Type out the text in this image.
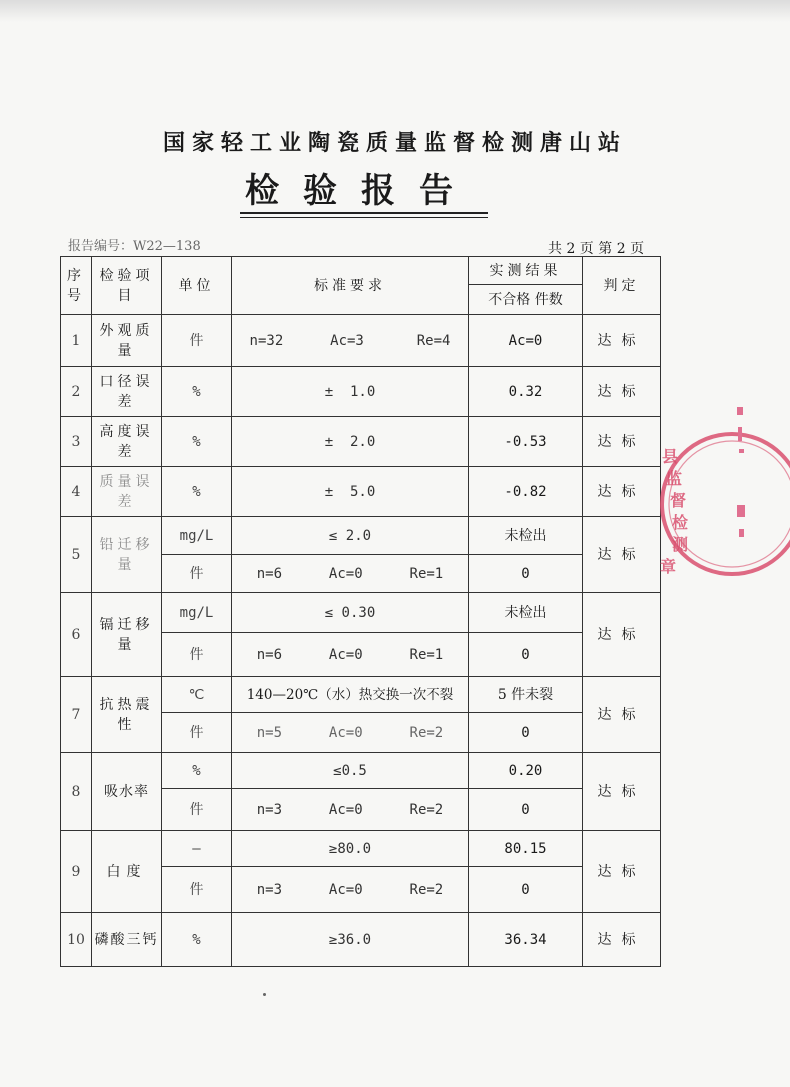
国家轻工业陶瓷质量监督检测唐山站
检验报告
报告编号：W22—138	共 2 页 第 2 页
序号	检验项目	单位	标准要求	实测结果	判定
				不合格 件数	
1	外观质量	件	n=32 Ac=3 Re=4	Ac=0	达标
2	口径误差	%	±  1.0	0.32	达标
3	高度误差	%	±  2.0	-0.53	达标
4	质量误差	%	±  5.0	-0.82	达标
5	铅迁移量	mg/L	≤ 2.0	未检出	达标
		件	n=6 Ac=0 Re=1	0	
6	镉迁移量	mg/L	≤ 0.30	未检出	达标
		件	n=6 Ac=0 Re=1	0	
7	抗热震性	℃	140—20℃（水）热交换一次不裂	5 件未裂	达标
		件	n=5 Ac=0 Re=2	0	
8	吸水率	%	≤0.5	0.20	达标
		件	n=3 Ac=0 Re=2	0	
9	白度	—	≥80.0	80.15	达标
		件	n=3 Ac=0 Re=2	0	
10	磷酸三钙	%	≥36.0	36.34	达标
县
监
督
检
测
章
